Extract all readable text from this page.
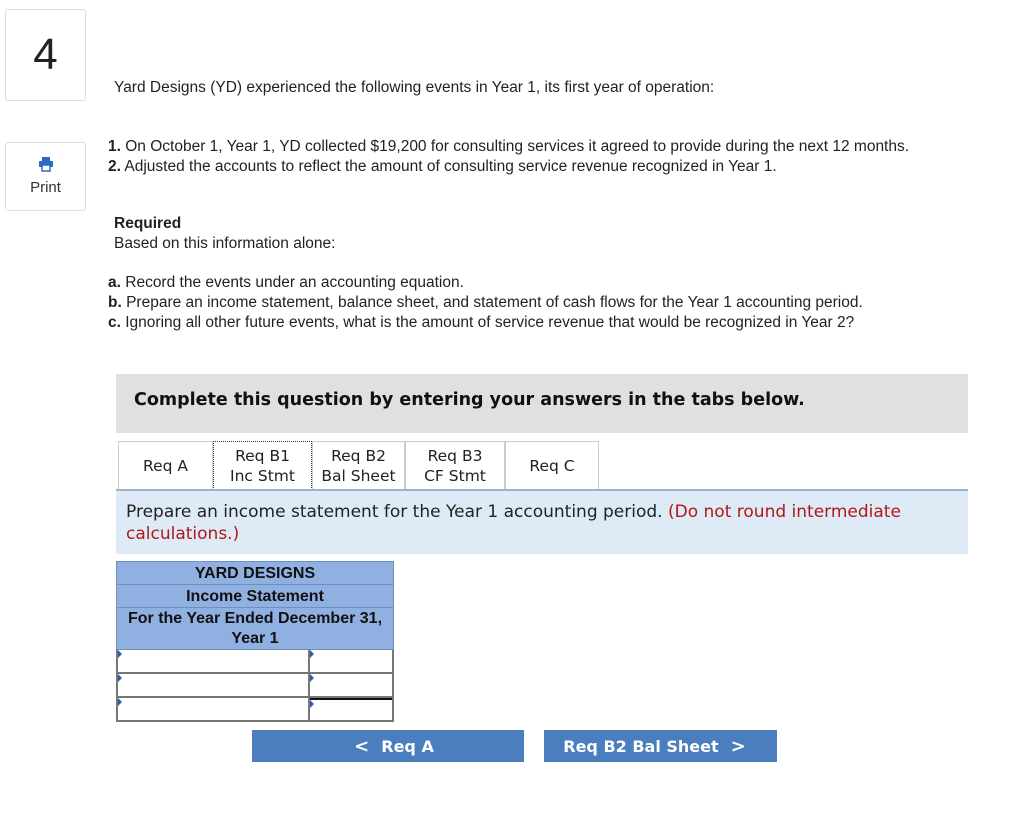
4
Print
Yard Designs (YD) experienced the following events in Year 1, its first year of operation:
1. On October 1, Year 1, YD collected $19,200 for consulting services it agreed to provide during the next 12 months.
2. Adjusted the accounts to reflect the amount of consulting service revenue recognized in Year 1.
Required
Based on this information alone:
a. Record the events under an accounting equation.
b. Prepare an income statement, balance sheet, and statement of cash flows for the Year 1 accounting period.
c. Ignoring all other future events, what is the amount of service revenue that would be recognized in Year 2?
Complete this question by entering your answers in the tabs below.
Req A
Req B1
Inc Stmt
Req B2
Bal Sheet
Req B3
CF Stmt
Req C
Prepare an income statement for the Year 1 accounting period. (Do not round intermediate calculations.)
YARD DESIGNS
Income Statement
For the Year Ended December 31, Year 1
< Req A	Req B2 Bal Sheet >
